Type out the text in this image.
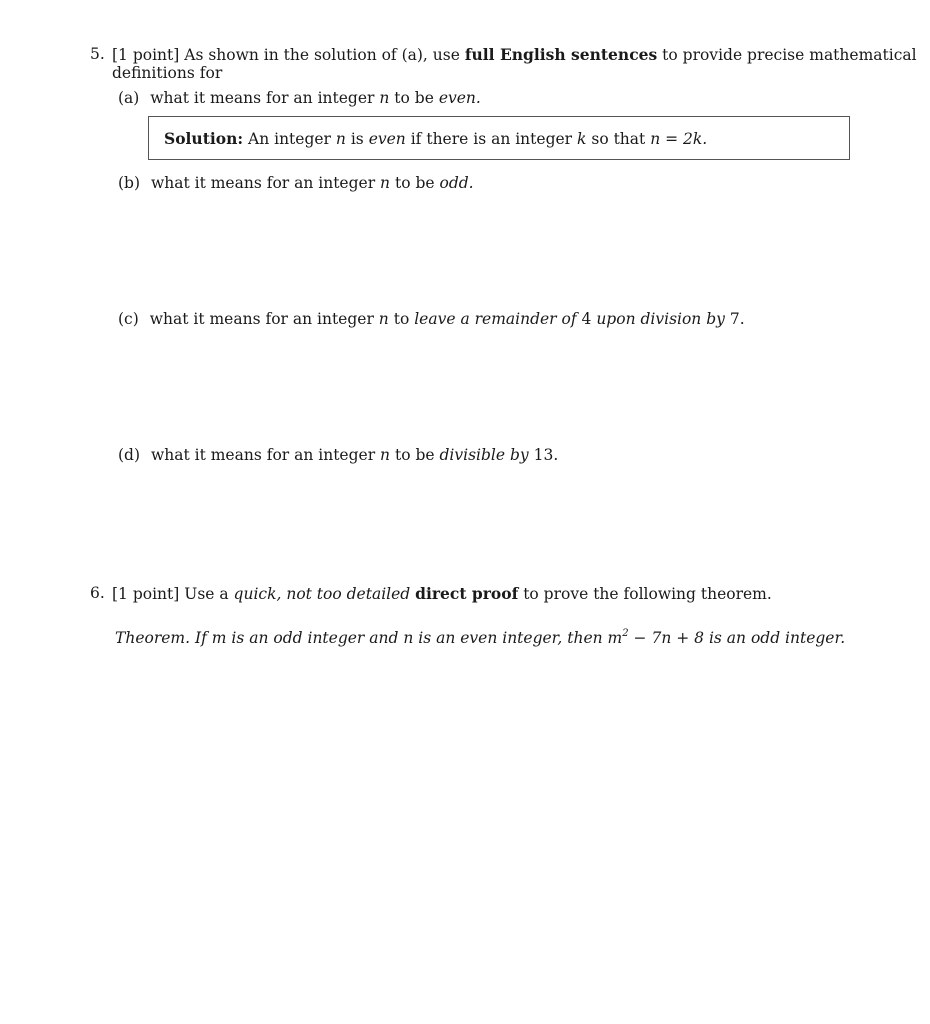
5. [1 point] As shown in the solution of (a), use full English sentences to provide precise mathematical
definitions for
(a) what it means for an integer n to be even.
Solution: An integer n is even if there is an integer k so that n = 2k.
(b) what it means for an integer n to be odd.
(c) what it means for an integer n to leave a remainder of 4 upon division by 7.
(d) what it means for an integer n to be divisible by 13.
6. [1 point] Use a quick, not too detailed direct proof to prove the following theorem.
Theorem. If m is an odd integer and n is an even integer, then $m^2 - 7n + 8$ is an odd integer.
